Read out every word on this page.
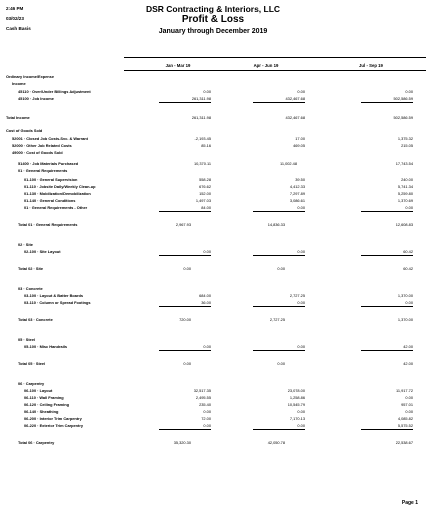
2:46 PM
03/02/23
Cash Basis
DSR Contracting & Interiors, LLC
Profit & Loss
January through December 2019
Jan - Mar 19	Apr - Jun 19	Jul - Sep 19
Ordinary Income/Expense
Income
45110 · Over/Under Billings Adjustment	0.00	0.00	0.00
45100 · Job Income	261,311.98	432,467.68	502,586.59
Total Income	261,311.98	432,467.68	502,586.59
Cost of Goods Sold
52001 · Closed Job Costs-Svc. & Warrant	-2,193.45	17.00	1,375.32
52000 · Other Job Related Costs	85.16	469.05	215.05
49000 · Cost of Goods Sold
51400 · Job Materials Purchased	10,370.11	11,002.48	17,743.54
01 · General Requirements
01-100 · General Supervision	558.28	39.50	240.00
01-110 · Jobsite Daily/Weekly Clean-up	676.62	4,412.33	5,741.34
01-130 · Mobilization/Demobilization	152.00	7,297.89	5,259.80
01-140 · General Conditions	1,497.03	3,086.61	1,370.69
01 · General Requirements - Other	84.00	0.00	0.00
Total 01 · General Requirements	2,967.93	14,836.33	12,608.83
02 · Site
02-100 · Site Layout	0.00	0.00	60.42
Total 02 · Site	0.00	0.00	60.42
03 · Concrete
03-100 · Layout & Batter Boards	684.00	2,727.25	1,370.00
03-110 · Column or Spread Footings	36.00	0.00	0.00
Total 03 · Concrete	720.00	2,727.25	1,370.00
05 · Steel
05-100 · Misc Handrails	0.00	0.00	42.00
Total 05 · Steel	0.00	0.00	42.00
06 · Carpentry
06-100 · Layout	32,517.35	23,078.00	11,917.72
06-110 · Wall Framing	2,495.55	1,258.86	0.00
06-120 · Ceiling Framing	235.40	10,545.79	957.01
06-140 · Sheathing	0.00	0.00	0.00
06-200 · Interior Trim Carpentry	72.00	7,170.13	4,085.82
06-220 · Exterior Trim Carpentry	0.00	0.00	5,575.52
Total 06 · Carpentry	35,320.30	42,050.78	22,538.67
Page 1
